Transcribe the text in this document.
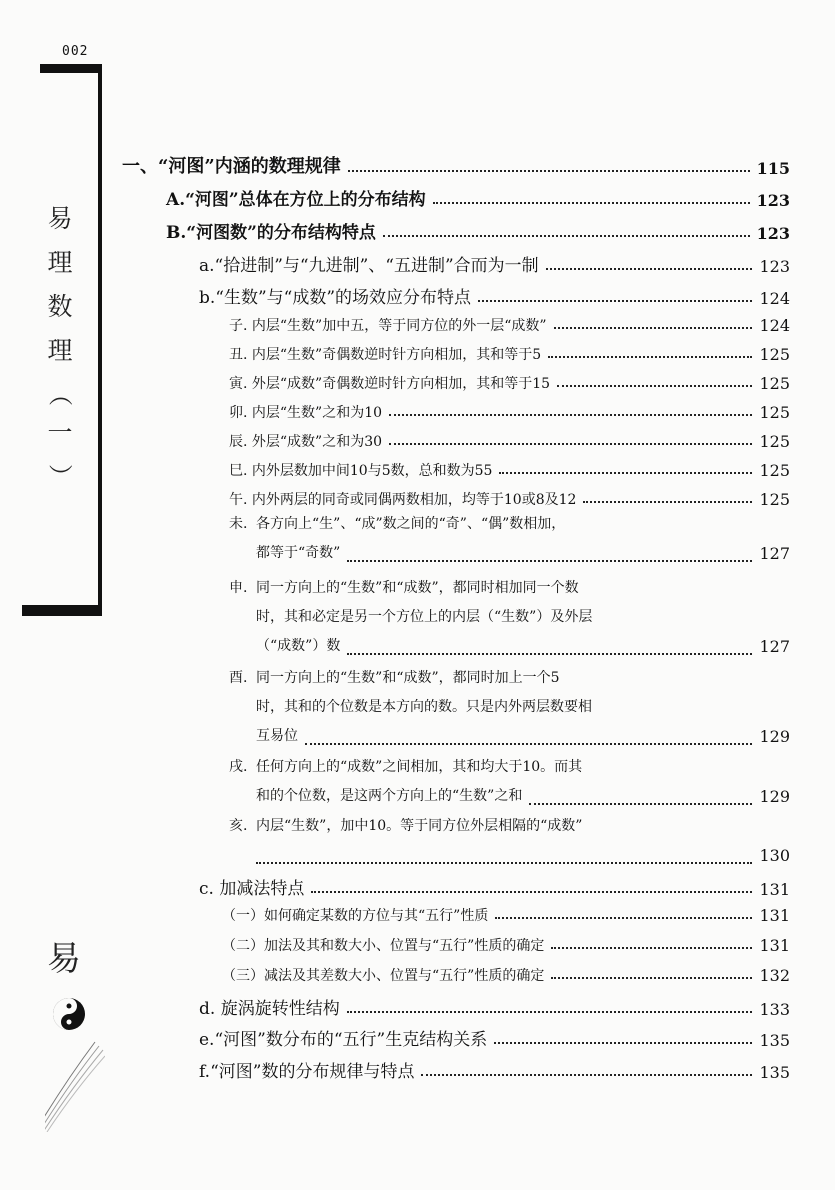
002
易
理
数
理
（
一
）
易
一、“河图”内涵的数理规律	115
A.“河图”总体在方位上的分布结构	123
B.“河图数”的分布结构特点	123
a.“拾进制”与“九进制”、“五进制”合而为一制	123
b.“生数”与“成数”的场效应分布特点	124
子. 内层“生数”加中五，等于同方位的外一层“成数”	124
丑. 内层“生数”奇偶数逆时针方向相加，其和等于5	125
寅. 外层“成数”奇偶数逆时针方向相加，其和等于15	125
卯. 内层“生数”之和为10	125
辰. 外层“成数”之和为30	125
巳. 内外层数加中间10与5数，总和数为55	125
午. 内外两层的同奇或同偶两数相加，均等于10或8及12	125
未. 各方向上“生”、“成”数之间的“奇”、“偶”数相加，
都等于“奇数”	127
申. 同一方向上的“生数”和“成数”，都同时相加同一个数
时，其和必定是另一个方位上的内层（“生数”）及外层
（“成数”）数	127
酉. 同一方向上的“生数”和“成数”，都同时加上一个5
时，其和的个位数是本方向的数。只是内外两层数要相
互易位	129
戌. 任何方向上的“成数”之间相加，其和均大于10。而其
和的个位数，是这两个方向上的“生数”之和	129
亥. 内层“生数”，加中10。等于同方位外层相隔的“成数”
130
c. 加减法特点	131
（一）如何确定某数的方位与其“五行”性质	131
（二）加法及其和数大小、位置与“五行”性质的确定	131
（三）减法及其差数大小、位置与“五行”性质的确定	132
d. 旋涡旋转性结构	133
e.“河图”数分布的“五行”生克结构关系	135
f.“河图”数的分布规律与特点	135
